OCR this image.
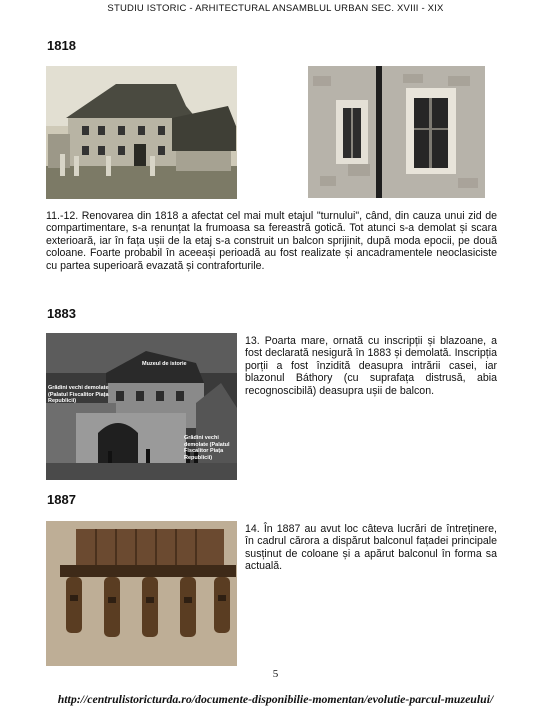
STUDIU ISTORIC - ARHITECTURAL ANSAMBLUL URBAN SEC. XVIII - XIX
1818

11.-12. Renovarea din 1818 a afectat cel mai mult etajul "turnului", când, din cauza unui zid de compartimentare, s-a renunțat la frumoasa sa fereastră gotică. Tot atunci s-a demolat și scara exterioară, iar în fața ușii de la etaj s-a construit un balcon sprijinit, după moda epocii, pe două coloane. Foarte probabil în aceeași perioadă au fost realizate și ancadramentele neoclasiciste cu partea superioară evazată și contraforturile.

1883
Muzeul de istorie
Grădini vechi demolate (Palatul Fiscalitor Piața Republicii)
Grădini vechi demolate (Palatul Fiscalitor Piața Republicii)

13. Poarta mare, ornată cu inscripții și blazoane, a fost declarată nesigură în 1883 și demolată. Inscripția porții a fost înzidită deasupra intrării casei, iar blazonul Báthory (cu suprafața distrusă, abia recognoscibilă) deasupra ușii de balcon.

1887

14. În 1887 au avut loc câteva lucrări de întreținere, în cadrul cărora a dispărut balconul fațadei principale susținut de coloane și a apărut balconul în forma sa actuală.

5
http://centrulistoricturda.ro/documente-disponibilie-momentan/evolutie-parcul-muzeului/
